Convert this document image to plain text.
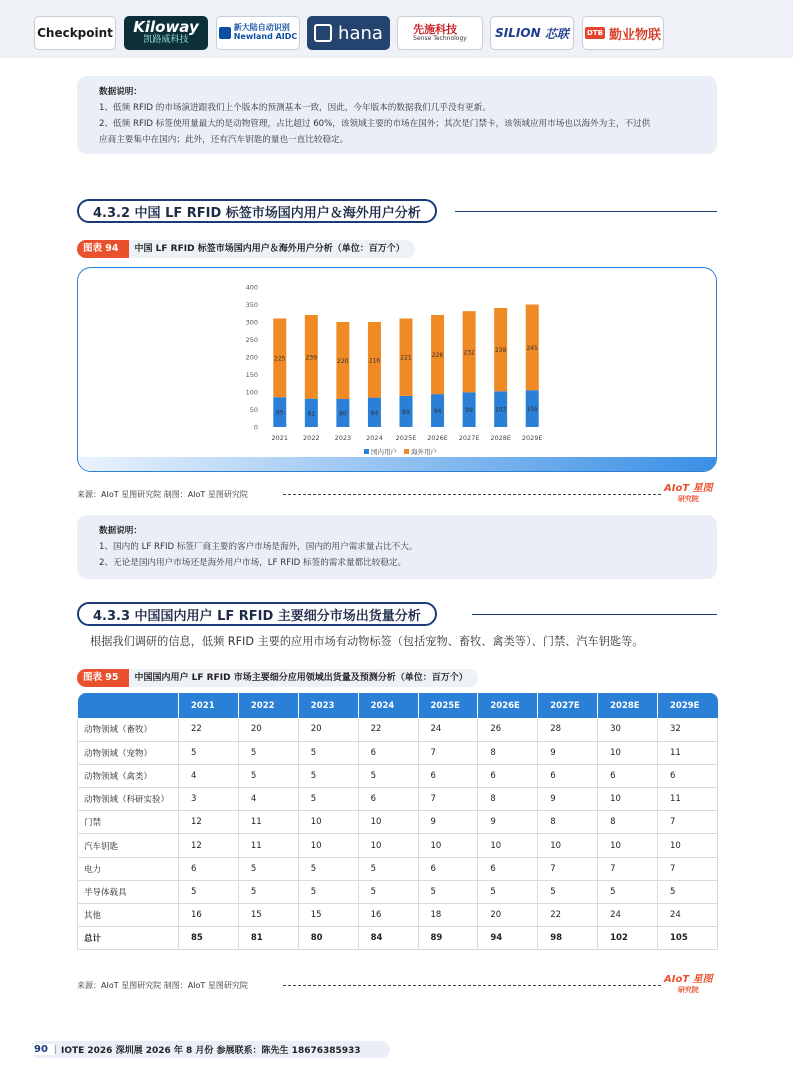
Checkpoint Kiloway
凯路威科技
新大陆自动识别
Newland AIDC hana	先施科技
Sense Technology SILION
芯联	DTB 勤业物联
数据说明：
1、低频 RFID 的市场演进跟我们上个版本的预测基本一致，因此，今年版本的数据我们几乎没有更新。
2、低频 RFID 标签使用量最大的是动物管理，占比超过 60%，该领域主要的市场在国外；其次是门禁卡，该领域应用市场也以海外为主，不过供
应商主要集中在国内；此外，还有汽车钥匙的量也一直比较稳定。
4.3.2 中国 LF RFID 标签市场国内用户＆海外用户分析
图表 94	中国 LF RFID 标签市场国内用户＆海外用户分析（单位：百万个）
0
50
100
150
200
250
300
350
400
85
225
2021
81
239
2022
80
220
2023
84
216
2024
89
221
2025E
94
226
2026E
99
232
2027E
102
238
2028E
105
245
2029E
国内用户 海外用户
来源：AIoT 星图研究院 制图：AIoT 星图研究院
AIoT 星图
研究院
数据说明：
1、国内的 LF RFID 标签厂商主要的客户市场是海外，国内的用户需求量占比不大。
2、无论是国内用户市场还是海外用户市场，LF RFID 标签的需求量都比较稳定。
4.3.3 中国国内用户 LF RFID 主要细分市场出货量分析
根据我们调研的信息，低频 RFID 主要的应用市场有动物标签（包括宠物、畜牧、禽类等）、门禁、汽车钥匙等。
图表 95	中国国内用户 LF RFID 市场主要细分应用领域出货量及预测分析（单位：百万个）
	2021	2022	2023	2024	2025E	2026E	2027E	2028E	2029E
动物领域（畜牧）	22	20	20	22	24	26	28	30	32
动物领域（宠物）	5	5	5	6	7	8	9	10	11
动物领域（禽类）	4	5	5	5	6	6	6	6	6
动物领域（科研实验）	3	4	5	6	7	8	9	10	11
门禁	12	11	10	10	9	9	8	8	7
汽车钥匙	12	11	10	10	10	10	10	10	10
电力	6	5	5	5	6	6	7	7	7
半导体载具	5	5	5	5	5	5	5	5	5
其他	16	15	15	16	18	20	22	24	24
总计	85	81	80	84	89	94	98	102	105
来源：AIoT 星图研究院 制图：AIoT 星图研究院
AIoT 星图
研究院
90 | IOTE 2026 深圳展 2026 年 8 月份 参展联系：陈先生 18676385933
